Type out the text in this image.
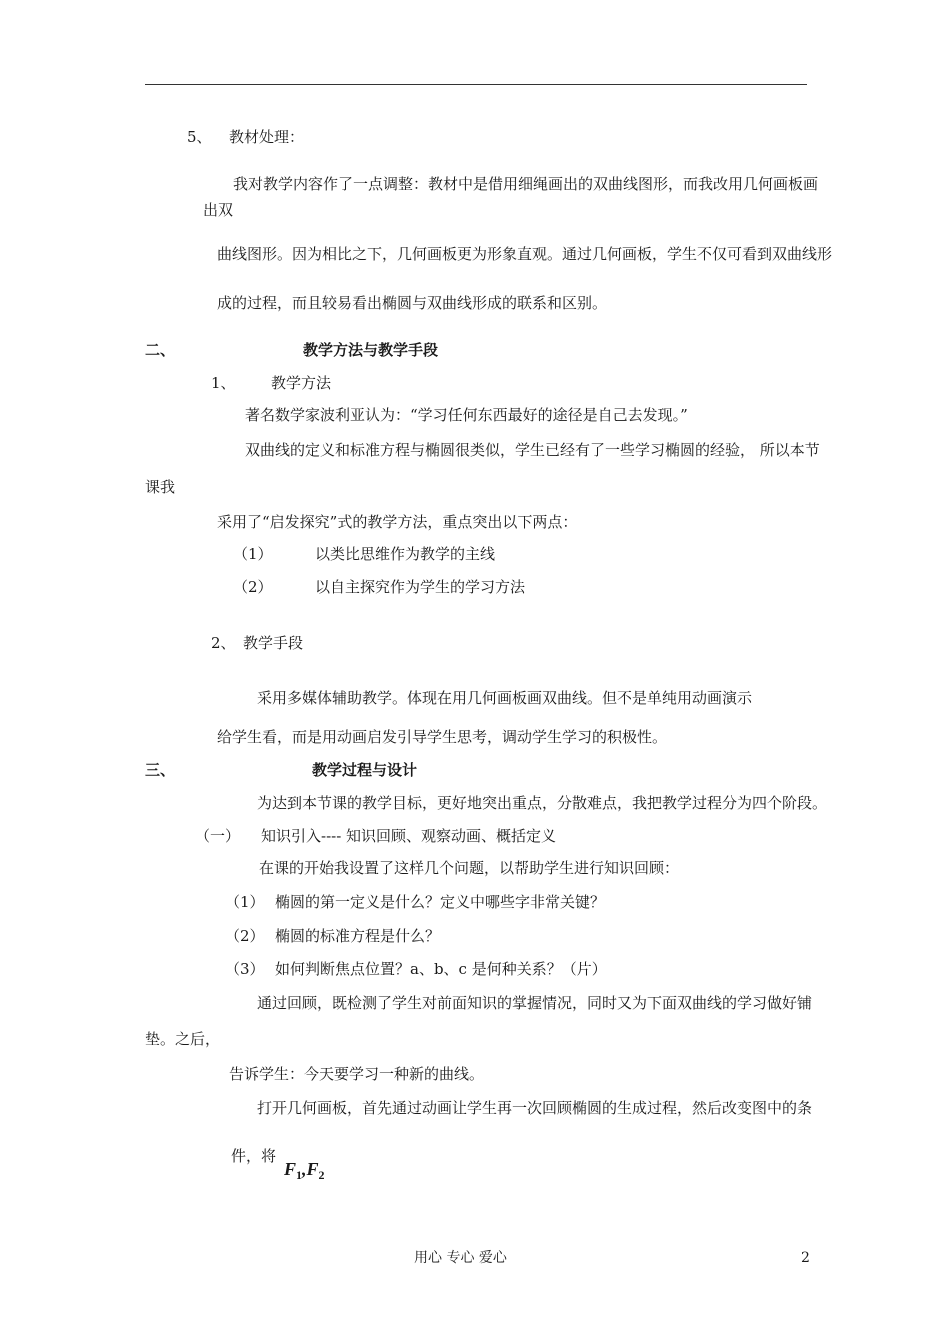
5、 教材处理：
我对教学内容作了一点调整：教材中是借用细绳画出的双曲线图形，而我改用几何画板画
出双
曲线图形。因为相比之下，几何画板更为形象直观。通过几何画板，学生不仅可看到双曲线形
成的过程，而且较易看出椭圆与双曲线形成的联系和区别。
二、	教学方法与教学手段
1、 教学方法
著名数学家波利亚认为：“学习任何东西最好的途径是自己去发现。”
双曲线的定义和标准方程与椭圆很类似，学生已经有了一些学习椭圆的经验， 所以本节
课我
采用了“启发探究”式的教学方法，重点突出以下两点：
（1）	以类比思维作为教学的主线
（2）	以自主探究作为学生的学习方法
2、 教学手段
采用多媒体辅助教学。体现在用几何画板画双曲线。但不是单纯用动画演示
给学生看，而是用动画启发引导学生思考，调动学生学习的积极性。
三、	教学过程与设计
为达到本节课的教学目标，更好地突出重点，分散难点，我把教学过程分为四个阶段。
（一） 知识引入---- 知识回顾、观察动画、概括定义
在课的开始我设置了这样几个问题，以帮助学生进行知识回顾：
（1） 椭圆的第一定义是什么？定义中哪些字非常关键？
（2） 椭圆的标准方程是什么？
（3） 如何判断焦点位置？a、b、c 是何种关系？（片）
通过回顾，既检测了学生对前面知识的掌握情况，同时又为下面双曲线的学习做好铺
垫。之后，
告诉学生：今天要学习一种新的曲线。
打开几何画板，首先通过动画让学生再一次回顾椭圆的生成过程，然后改变图中的条
件，将
$F_1,F_2$
用心 专心 爱心	2
